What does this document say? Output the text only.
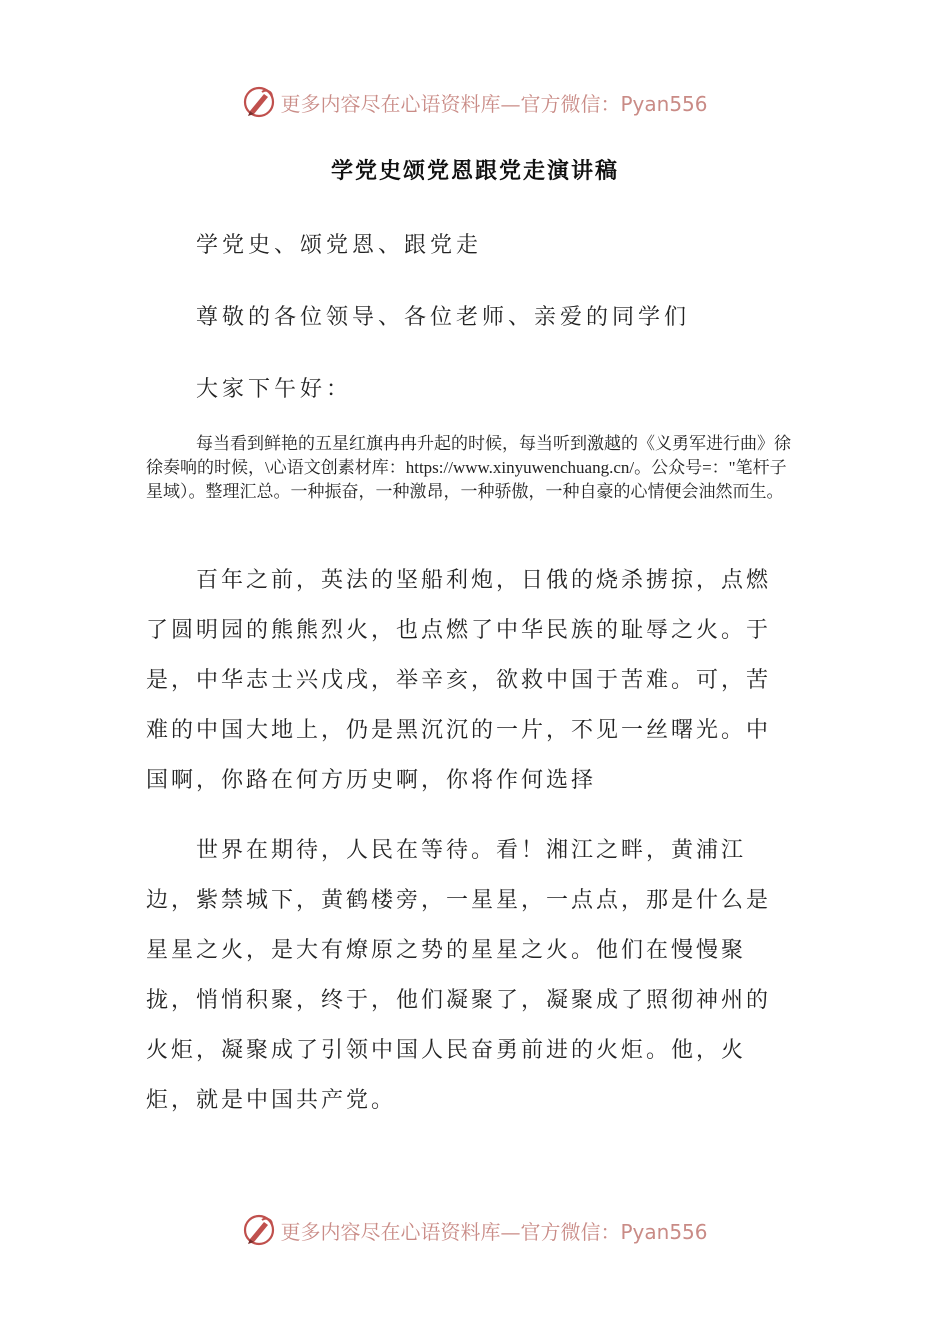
更多内容尽在心语资料库—官方微信：Pyan556
学党史颂党恩跟党走演讲稿
学党史、颂党恩、跟党走
尊敬的各位领导、各位老师、亲爱的同学们
大家下午好：
每当看到鲜艳的五星红旗冉冉升起的时候，每当听到激越的《义勇军进行曲》徐徐奏响的时候，\心语文创素材库：https://www.xinyuwenchuang.cn/。公众号=："笔杆子星域）。整理汇总。一种振奋，一种激昂，一种骄傲，一种自豪的心情便会油然而生。
百年之前，英法的坚船利炮，日俄的烧杀掳掠，点燃了圆明园的熊熊烈火，也点燃了中华民族的耻辱之火。于是，中华志士兴戊戌，举辛亥，欲救中国于苦难。可，苦难的中国大地上，仍是黑沉沉的一片，不见一丝曙光。中国啊，你路在何方历史啊，你将作何选择
世界在期待，人民在等待。看！湘江之畔，黄浦江边，紫禁城下，黄鹤楼旁，一星星，一点点，那是什么是星星之火，是大有燎原之势的星星之火。他们在慢慢聚拢，悄悄积聚，终于，他们凝聚了，凝聚成了照彻神州的火炬，凝聚成了引领中国人民奋勇前进的火炬。他，火炬，就是中国共产党。
更多内容尽在心语资料库—官方微信：Pyan556
